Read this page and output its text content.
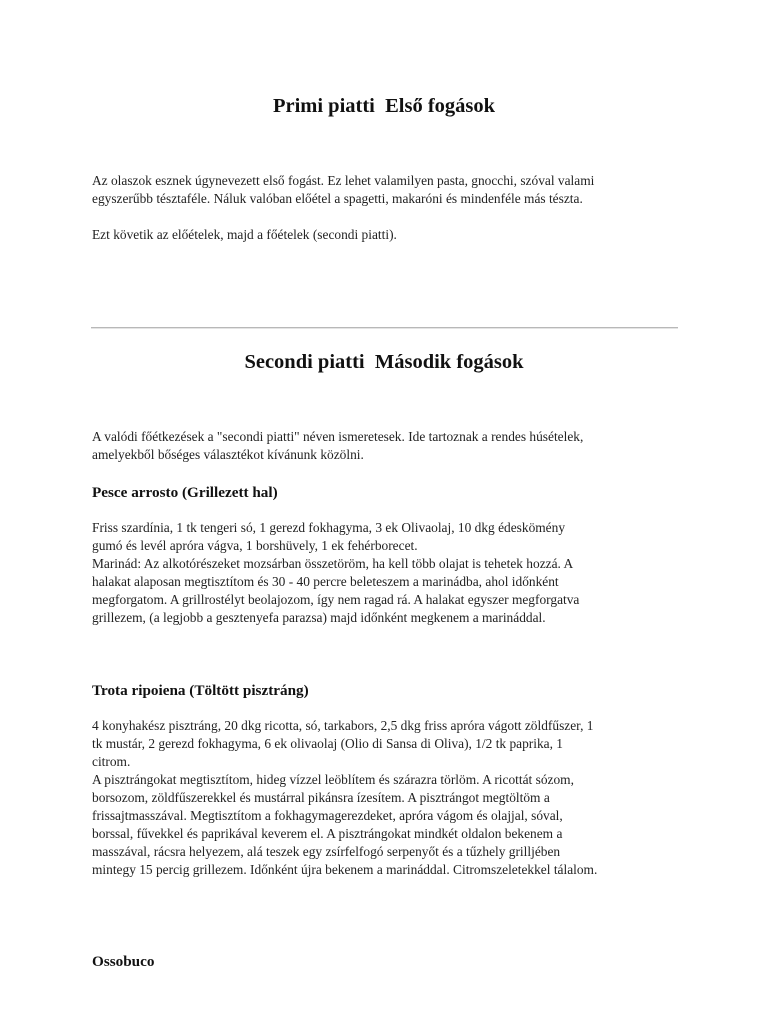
Primi piatti  Első fogások
Az olaszok esznek úgynevezett első fogást. Ez lehet valamilyen pasta, gnocchi, szóval valami
egyszerűbb tésztaféle. Náluk valóban előétel a spagetti, makaróni és mindenféle más tészta.
Ezt követik az előételek, majd a főételek (secondi piatti).
Secondi piatti  Második fogások
A valódi főétkezések a "secondi piatti" néven ismeretesek. Ide tartoznak a rendes húsételek,
amelyekből bőséges választékot kívánunk közölni.
Pesce arrosto (Grillezett hal)
Friss szardínia, 1 tk tengeri só, 1 gerezd fokhagyma, 3 ek Olivaolaj, 10 dkg édeskömény
gumó és levél apróra vágva, 1 borshüvely, 1 ek fehérborecet.
Marinád: Az alkotórészeket mozsárban összetöröm, ha kell több olajat is tehetek hozzá. A
halakat alaposan megtisztítom és 30 - 40 percre beleteszem a marinádba, ahol időnként
megforgatom. A grillrostélyt beolajozom, így nem ragad rá. A halakat egyszer megforgatva
grillezem, (a legjobb a gesztenyefa parazsa) majd időnként megkenem a marináddal.
Trota ripoiena (Töltött pisztráng)
4 konyhakész pisztráng, 20 dkg ricotta, só, tarkabors, 2,5 dkg friss apróra vágott zöldfűszer, 1
tk mustár, 2 gerezd fokhagyma, 6 ek olivaolaj (Olio di Sansa di Oliva), 1/2 tk paprika, 1
citrom.
A pisztrángokat megtisztítom, hideg vízzel leöblítem és szárazra törlöm. A ricottát sózom,
borsozom, zöldfűszerekkel és mustárral pikánsra ízesítem. A pisztrángot megtöltöm a
frissajtmasszával. Megtisztítom a fokhagymagerezdeket, apróra vágom és olajjal, sóval,
borssal, fűvekkel és paprikával keverem el. A pisztrángokat mindkét oldalon bekenem a
masszával, rácsra helyezem, alá teszek egy zsírfelfogó serpenyőt és a tűzhely grilljében
mintegy 15 percig grillezem. Időnként újra bekenem a marináddal. Citromszeletekkel tálalom.
Ossobuco
